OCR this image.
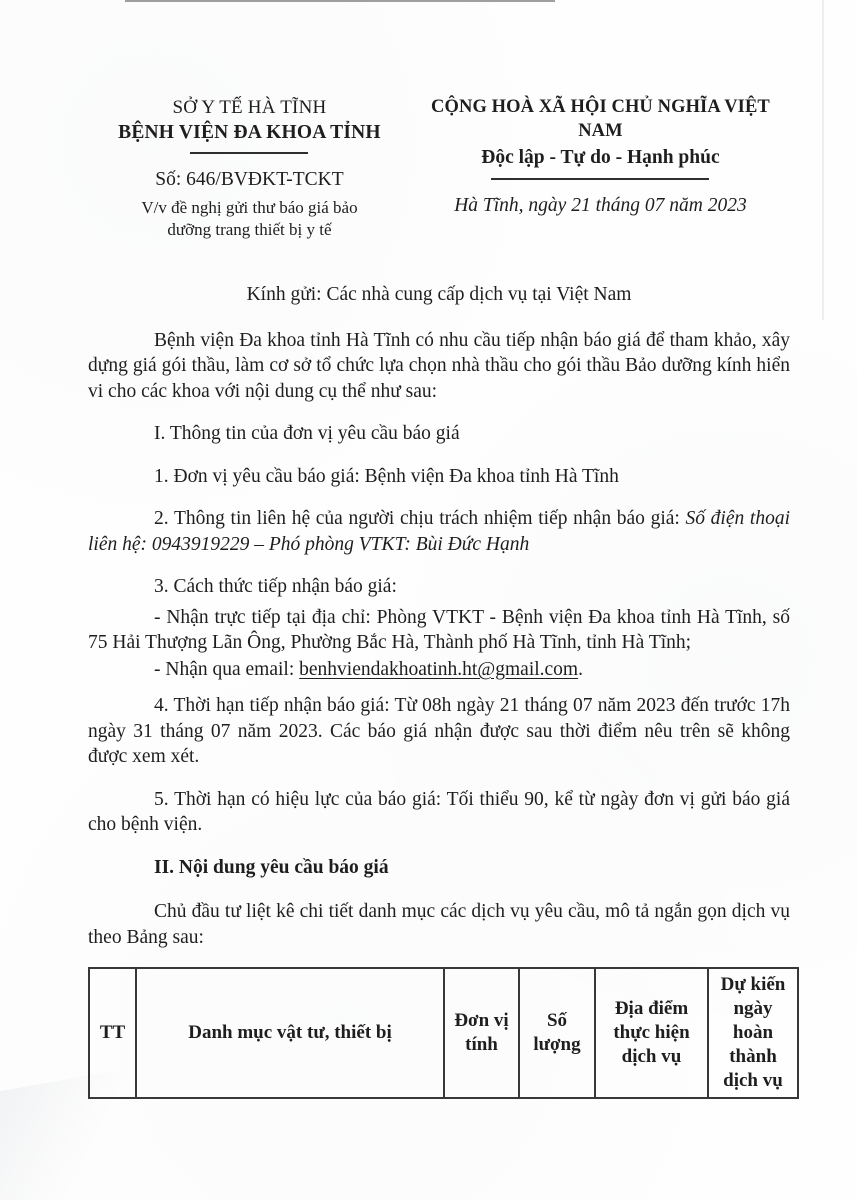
SỞ Y TẾ HÀ TĨNH
BỆNH VIỆN ĐA KHOA TỈNH
Số: 646/BVĐKT-TCKT
V/v đề nghị gửi thư báo giá bảo dưỡng trang thiết bị y tế
CỘNG HOÀ XÃ HỘI CHỦ NGHĨA VIỆT NAM
Độc lập - Tự do - Hạnh phúc
Hà Tĩnh, ngày 21 tháng 07 năm 2023

Kính gửi: Các nhà cung cấp dịch vụ tại Việt Nam

Bệnh viện Đa khoa tỉnh Hà Tĩnh có nhu cầu tiếp nhận báo giá để tham khảo, xây dựng giá gói thầu, làm cơ sở tổ chức lựa chọn nhà thầu cho gói thầu Bảo dưỡng kính hiển vi cho các khoa với nội dung cụ thể như sau:

I. Thông tin của đơn vị yêu cầu báo giá

1. Đơn vị yêu cầu báo giá: Bệnh viện Đa khoa tỉnh Hà Tĩnh

2. Thông tin liên hệ của người chịu trách nhiệm tiếp nhận báo giá: Số điện thoại liên hệ: 0943919229 – Phó phòng VTKT: Bùi Đức Hạnh

3. Cách thức tiếp nhận báo giá:

- Nhận trực tiếp tại địa chỉ: Phòng VTKT - Bệnh viện Đa khoa tỉnh Hà Tĩnh, số 75 Hải Thượng Lãn Ông, Phường Bắc Hà, Thành phố Hà Tĩnh, tỉnh Hà Tĩnh;

- Nhận qua email: benhviendakhoatinh.ht@gmail.com.

4. Thời hạn tiếp nhận báo giá: Từ 08h ngày 21 tháng 07 năm 2023 đến trước 17h ngày 31 tháng 07 năm 2023. Các báo giá nhận được sau thời điểm nêu trên sẽ không được xem xét.

5. Thời hạn có hiệu lực của báo giá: Tối thiểu 90, kể từ ngày đơn vị gửi báo giá cho bệnh viện.

II. Nội dung yêu cầu báo giá

Chủ đầu tư liệt kê chi tiết danh mục các dịch vụ yêu cầu, mô tả ngắn gọn dịch vụ theo Bảng sau:

TT	Danh mục vật tư, thiết bị	Đơn vị tính	Số lượng	Địa điểm thực hiện dịch vụ	Dự kiến ngày hoàn thành dịch vụ
